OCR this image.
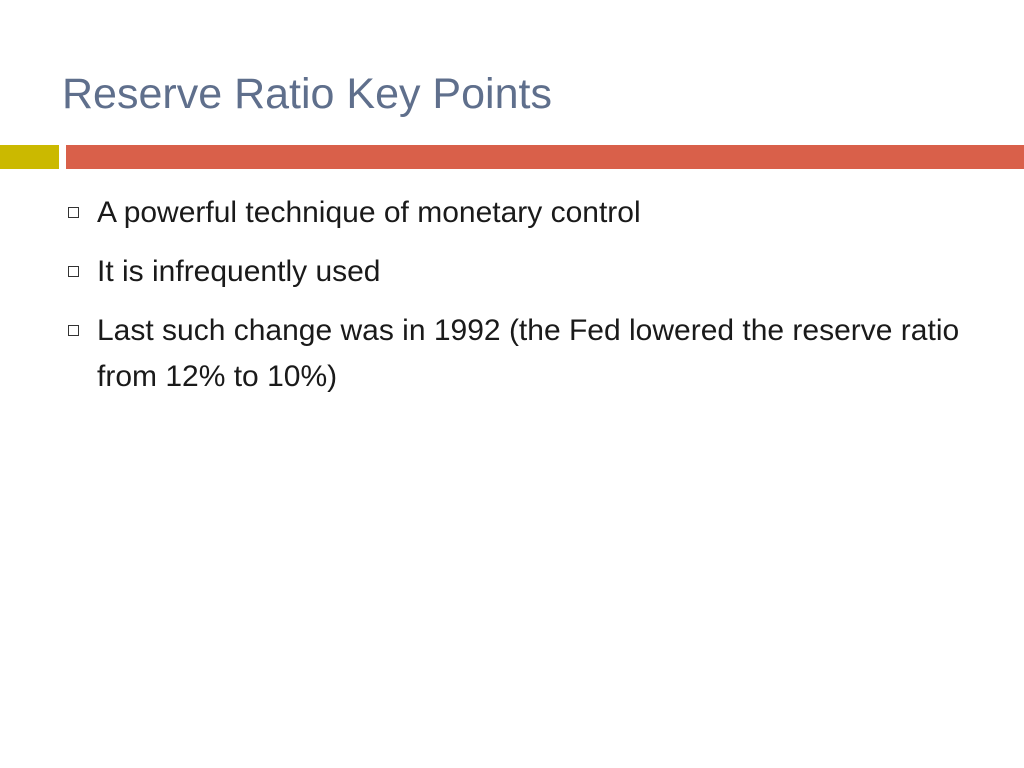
Reserve Ratio Key Points
A powerful technique of monetary control
It is infrequently used
Last such change was in 1992 (the Fed lowered the reserve ratio from 12% to 10%)
